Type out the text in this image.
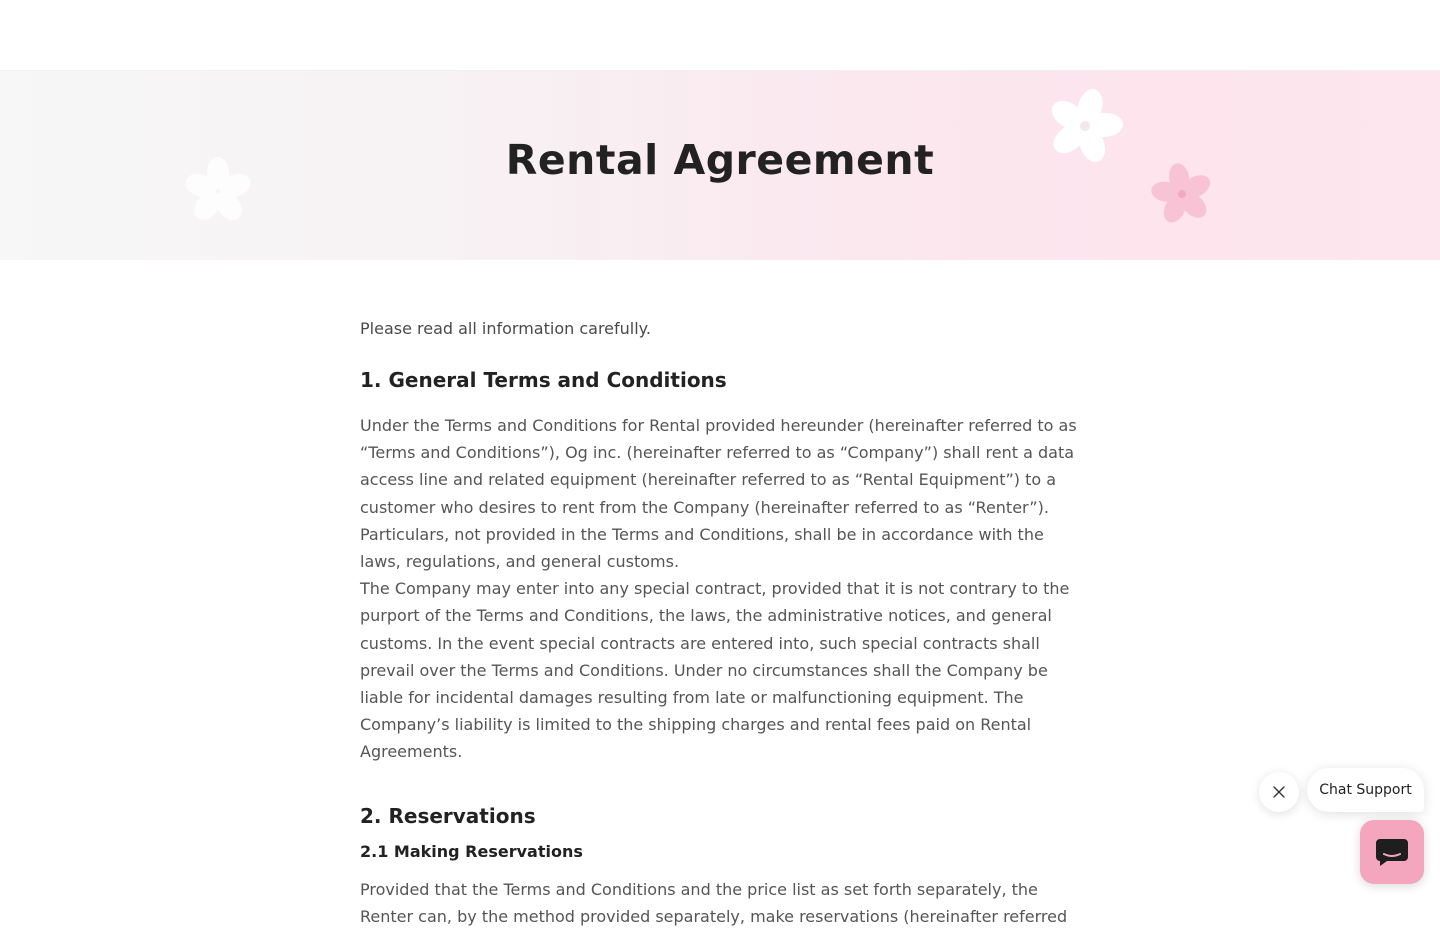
Rental Agreement

Please read all information carefully.

1. General Terms and Conditions

Under the Terms and Conditions for Rental provided hereunder (hereinafter referred to as “Terms and Conditions”), Og inc. (hereinafter referred to as “Company”) shall rent a data access line and related equipment (hereinafter referred to as “Rental Equipment”) to a customer who desires to rent from the Company (hereinafter referred to as “Renter”). Particulars, not provided in the Terms and Conditions, shall be in accordance with the laws, regulations, and general customs.

The Company may enter into any special contract, provided that it is not contrary to the purport of the Terms and Conditions, the laws, the administrative notices, and general customs. In the event special contracts are entered into, such special contracts shall prevail over the Terms and Conditions. Under no circumstances shall the Company be liable for incidental damages resulting from late or malfunctioning equipment. The Company’s liability is limited to the shipping charges and rental fees paid on Rental Agreements.

2. Reservations
2.1 Making Reservations

Provided that the Terms and Conditions and the price list as set forth separately, the Renter can, by the method provided separately, make reservations (hereinafter referred

Chat Support
